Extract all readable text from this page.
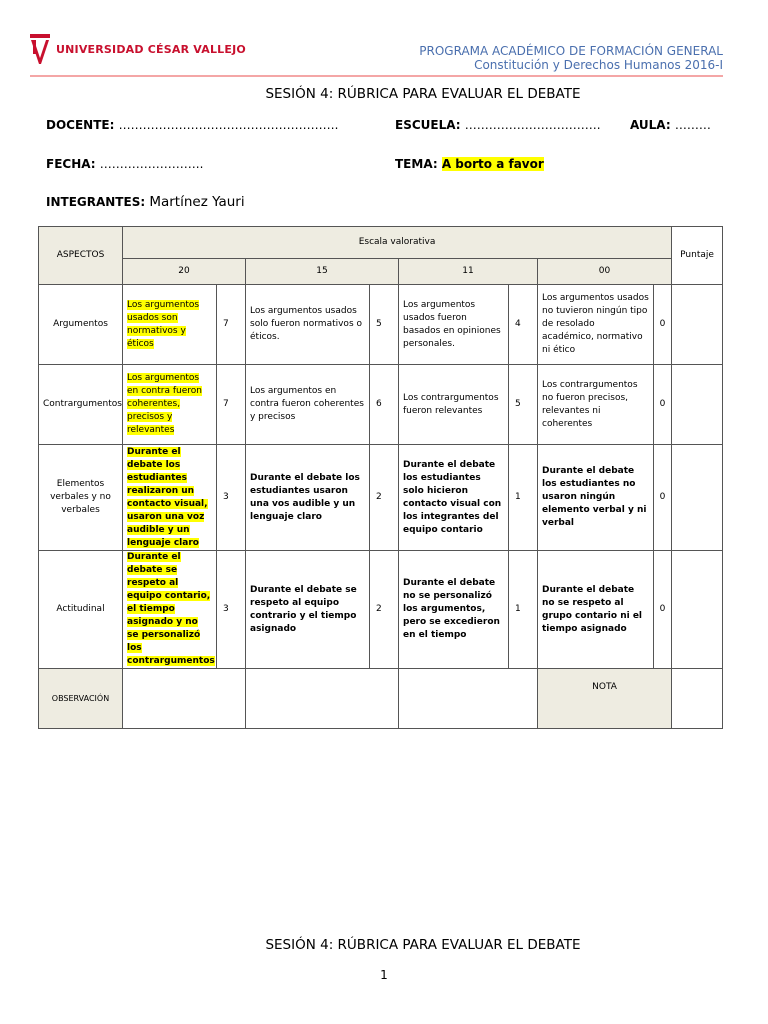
UNIVERSIDAD CÉSAR VALLEJO	PROGRAMA ACADÉMICO DE FORMACIÓN GENERAL
Constitución y Derechos Humanos 2016-I
SESIÓN 4: RÚBRICA PARA EVALUAR EL DEBATE
DOCENTE: ……………………………………………….	ESCUELA: ……………………………. AULA: ………
FECHA: ……………………..	TEMA: A borto a favor
INTEGRANTES: Martínez Yauri
ASPECTOS	Escala valorativa								Puntaje
	20		15		11		00		
Argumentos	Los argumentos usados son normativos y éticos	7	Los argumentos usados solo fueron normativos o éticos.	5	Los argumentos usados fueron basados en opiniones personales.	4	Los argumentos usados no tuvieron ningún tipo de resolado académico, normativo ni ético	0	
Contrargumentos	Los argumentos en contra fueron coherentes, precisos y relevantes	7	Los argumentos en contra fueron coherentes y precisos	6	Los contrargumentos fueron relevantes	5	Los contrargumentos no fueron precisos, relevantes ni coherentes	0	
Elementos verbales y no verbales	Durante el debate los estudiantes realizaron un contacto visual, usaron una voz audible y un lenguaje claro	3	Durante el debate los estudiantes usaron una vos audible y un lenguaje claro	2	Durante el debate los estudiantes solo hicieron contacto visual con los integrantes del equipo contario	1	Durante el debate los estudiantes no usaron ningún elemento verbal y ni verbal	0	
Actitudinal	Durante el debate se respeto al equipo contario, el tiempo asignado y no se personalizó los contrargumentos	3	Durante el debate se respeto al equipo contrario y el tiempo asignado	2	Durante el debate no se personalizó los argumentos, pero se excedieron en el tiempo	1	Durante el debate no se respeto al grupo contario ni el tiempo asignado	0	
OBSERVACIÓN							NOTA		
SESIÓN 4: RÚBRICA PARA EVALUAR EL DEBATE
1
